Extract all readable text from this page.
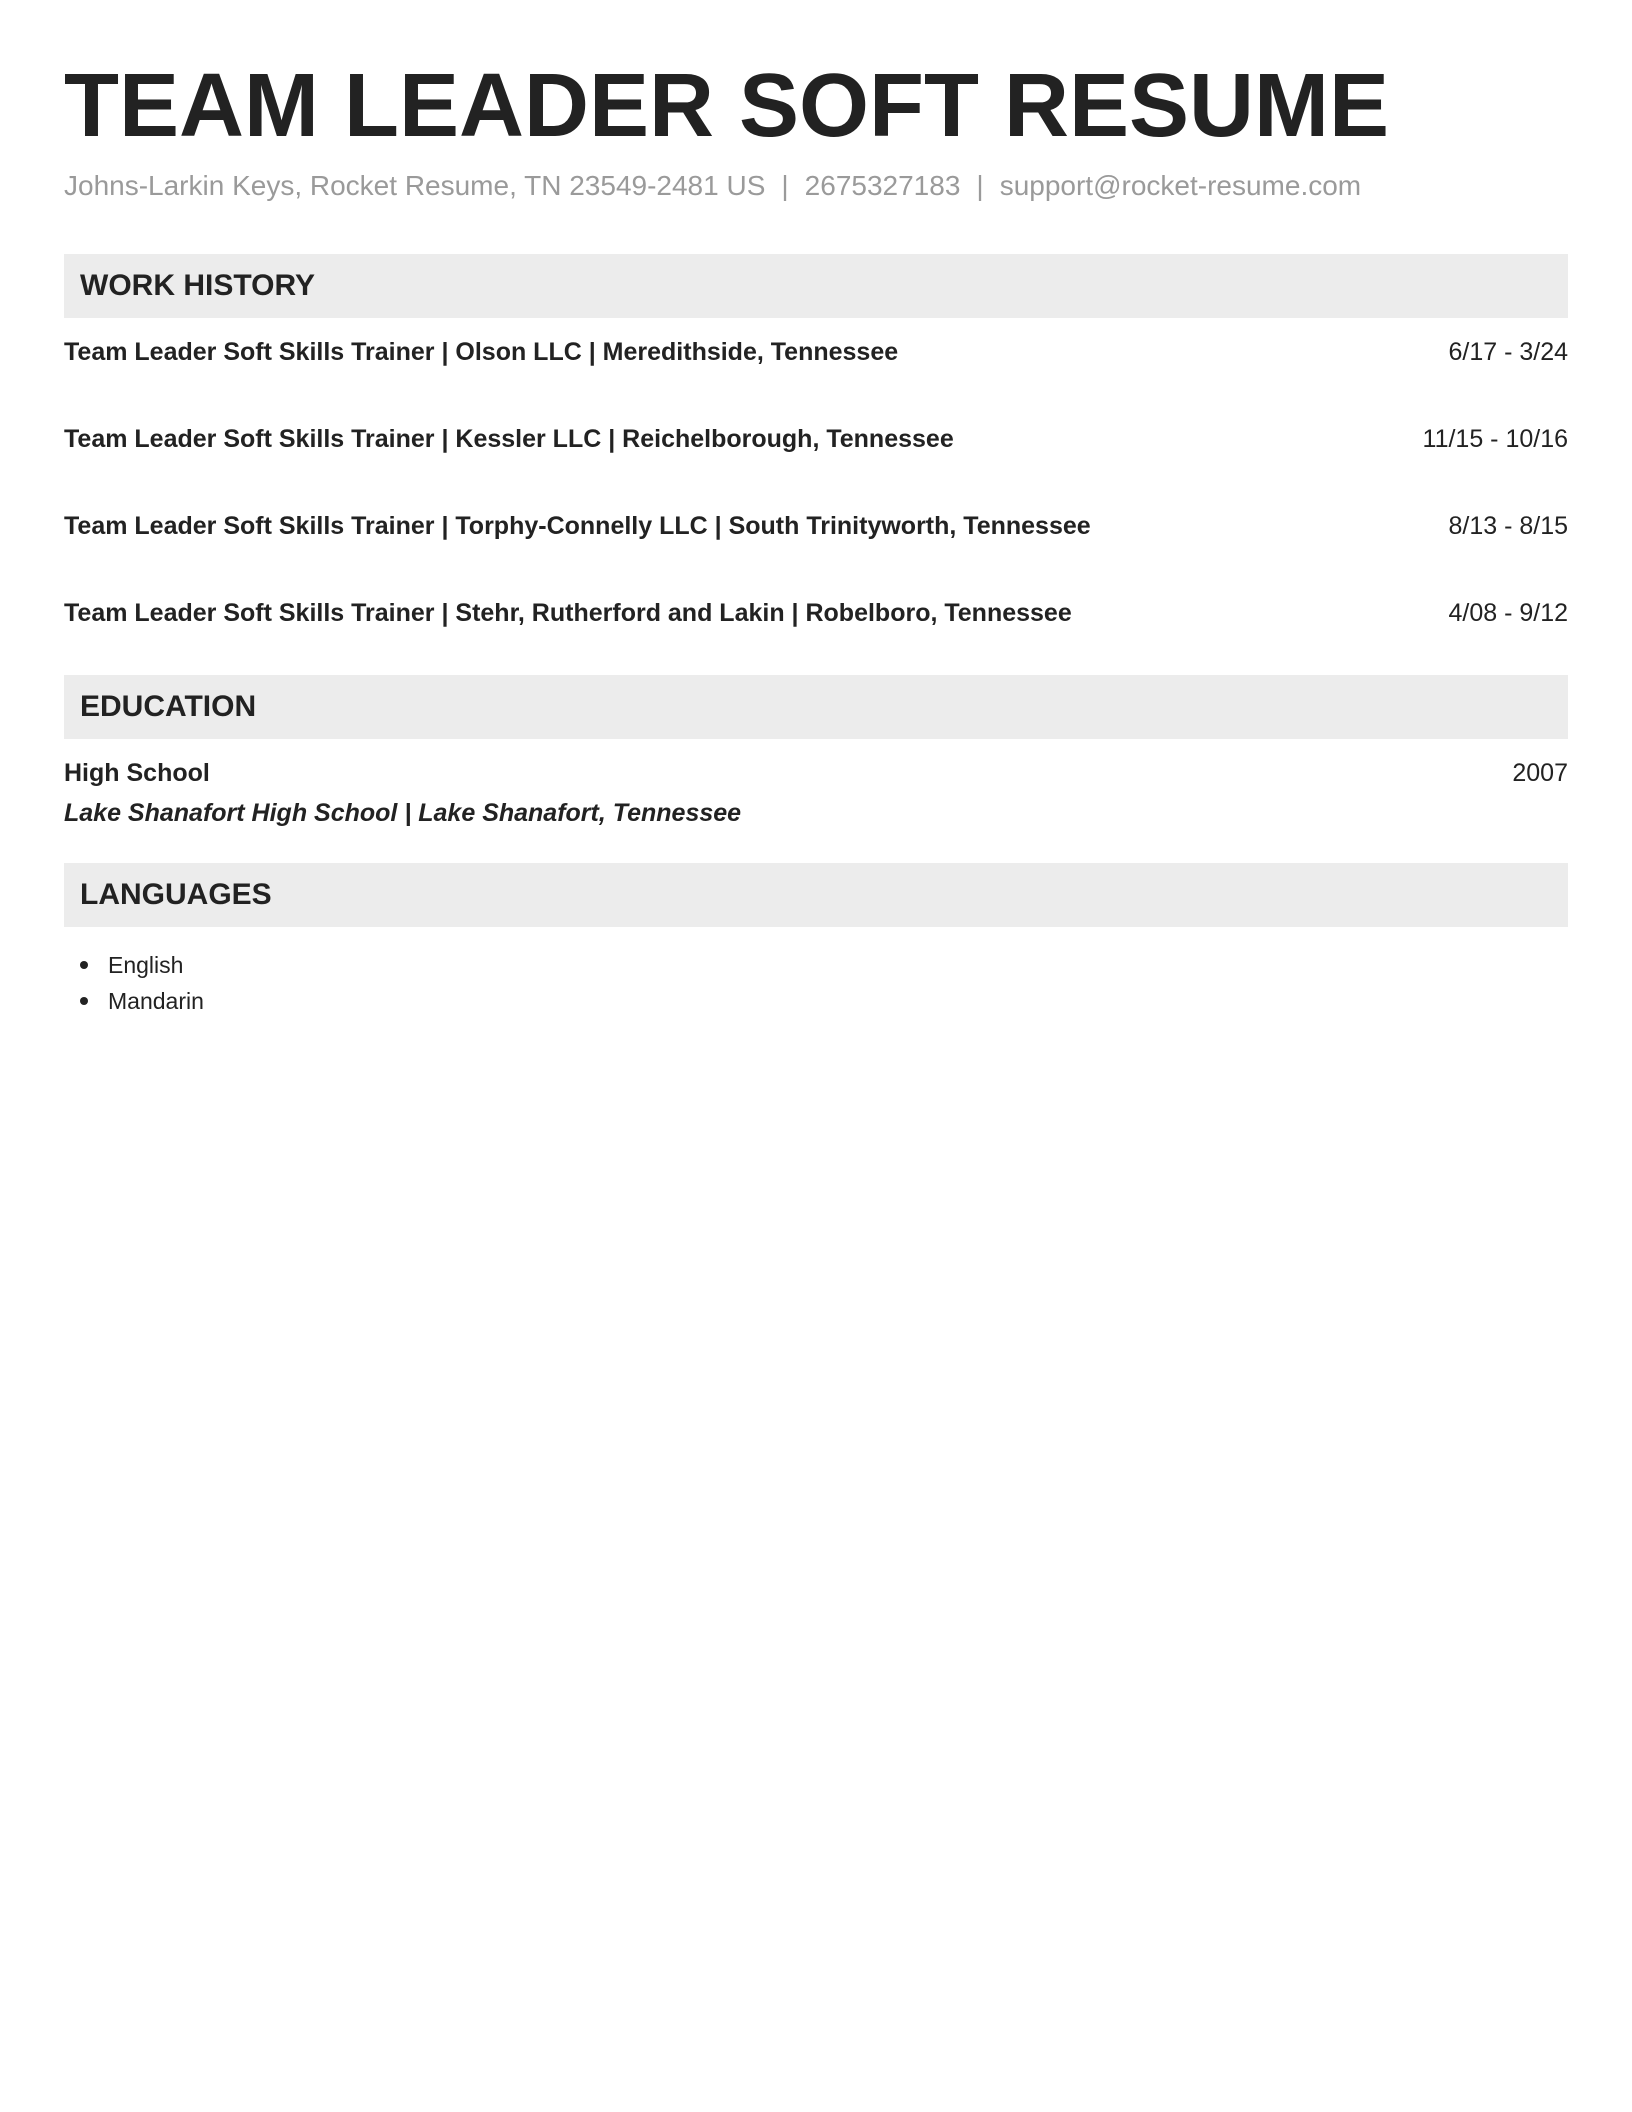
TEAM LEADER SOFT RESUME
Johns-Larkin Keys, Rocket Resume, TN 23549-2481 US | 2675327183 | support@rocket-resume.com
WORK HISTORY
Team Leader Soft Skills Trainer | Olson LLC | Meredithside, Tennessee	6/17 - 3/24
Team Leader Soft Skills Trainer | Kessler LLC | Reichelborough, Tennessee	11/15 - 10/16
Team Leader Soft Skills Trainer | Torphy-Connelly LLC | South Trinityworth, Tennessee	8/13 - 8/15
Team Leader Soft Skills Trainer | Stehr, Rutherford and Lakin | Robelboro, Tennessee	4/08 - 9/12
EDUCATION
High School	2007
Lake Shanafort High School | Lake Shanafort, Tennessee
LANGUAGES
English
Mandarin
